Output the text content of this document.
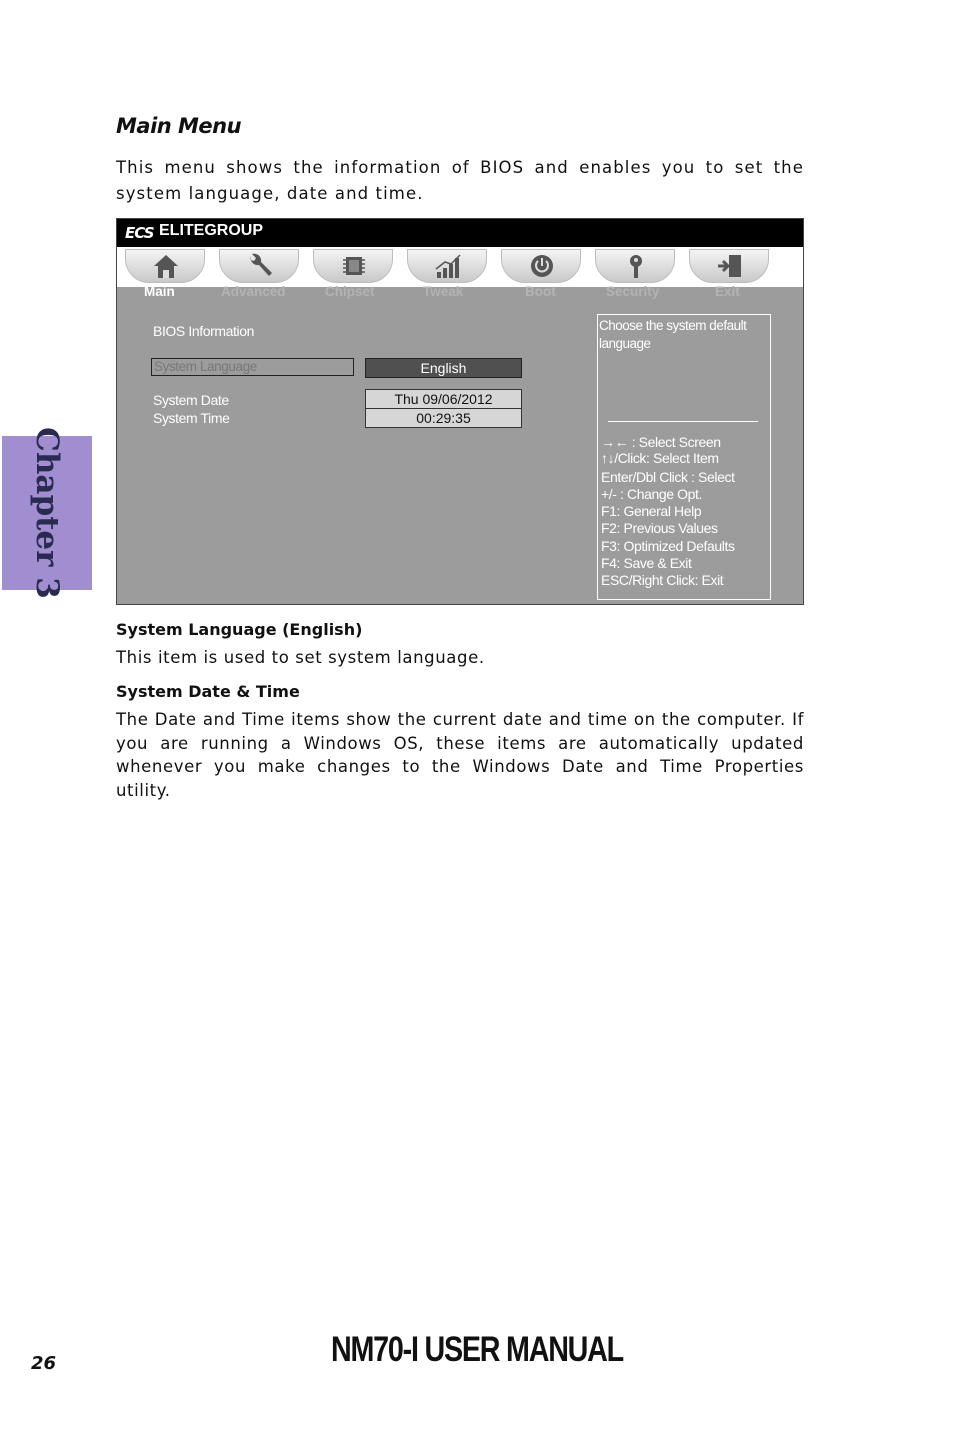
Chapter 3
Main Menu
This menu shows the information of BIOS and enables you to set the system language, date and time.
ECS ELITEGROUP
Main	Advanced	Chipset	Tweak	Boot	Security	Exit
BIOS Information
System Language	English
System Date	Thu 09/06/2012
System Time	00:29:35
Choose the system default language
→← : Select Screen
↑↓/Click: Select Item
Enter/Dbl Click : Select
+/- : Change Opt.
F1: General Help
F2: Previous Values
F3: Optimized Defaults
F4: Save & Exit
ESC/Right Click: Exit
System Language (English)
This item is used to set system language.
System Date & Time
The Date and Time items show the current date and time on the computer. If you are running a Windows OS, these items are automatically updated whenever you make changes to the Windows Date and Time Properties utility.
26	NM70-I USER MANUAL
